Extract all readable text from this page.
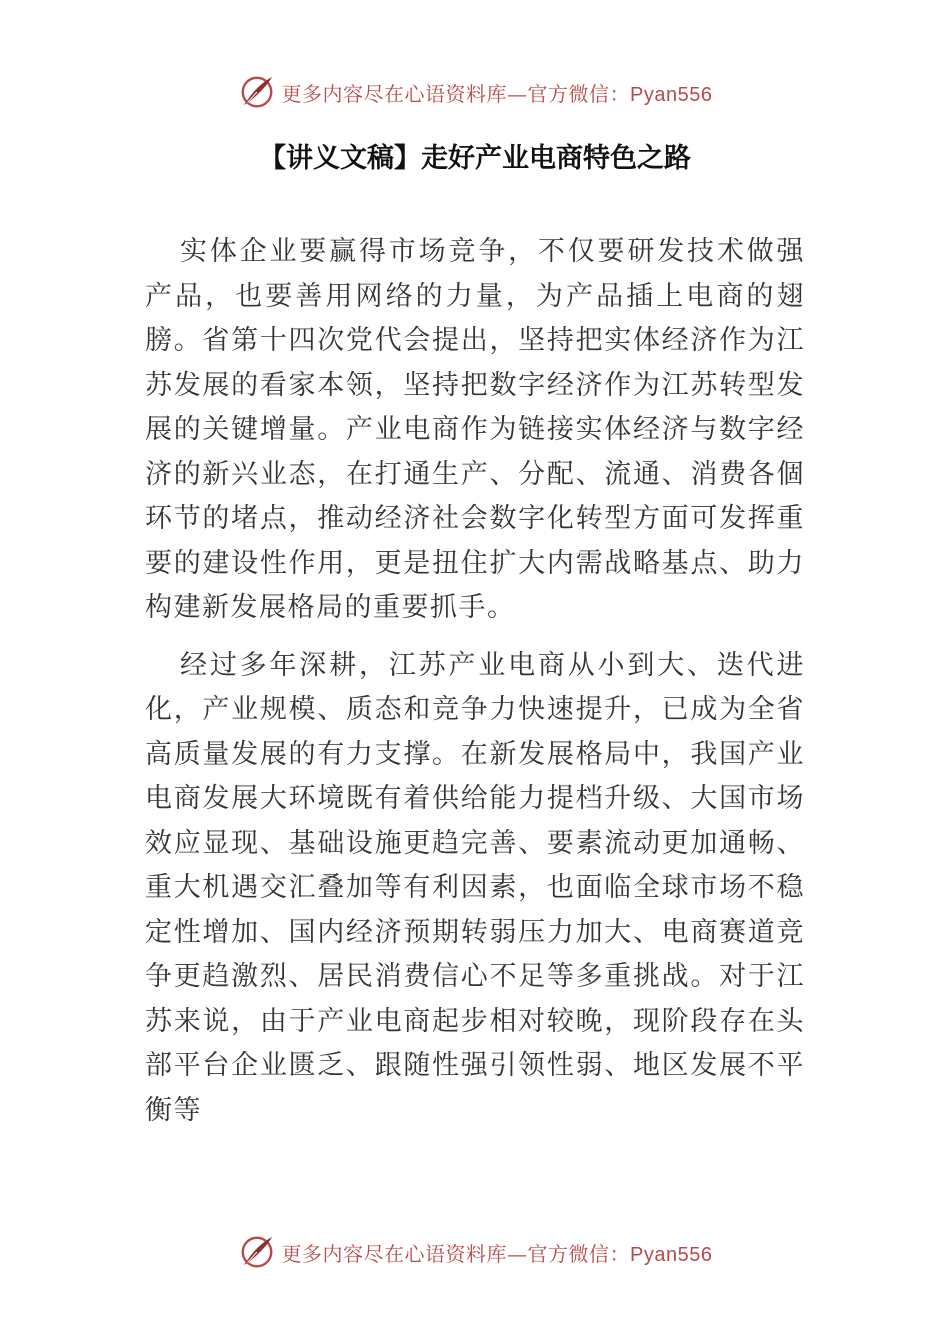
更多内容尽在心语资料库—官方微信：Pyan556
【讲义文稿】走好产业电商特色之路

实体企业要赢得市场竞争，不仅要研发技术做强产品，也要善用网络的力量，为产品插上电商的翅膀。省第十四次党代会提出，坚持把实体经济作为江苏发展的看家本领，坚持把数字经济作为江苏转型发展的关键增量。产业电商作为链接实体经济与数字经济的新兴业态，在打通生产、分配、流通、消费各個环节的堵点，推动经济社会数字化转型方面可发挥重要的建设性作用，更是扭住扩大内需战略基点、助力构建新发展格局的重要抓手。

经过多年深耕，江苏产业电商从小到大、迭代进化，产业规模、质态和竞争力快速提升，已成为全省高质量发展的有力支撑。在新发展格局中，我国产业电商发展大环境既有着供给能力提档升级、大国市场效应显现、基础设施更趋完善、要素流动更加通畅、重大机遇交汇叠加等有利因素，也面临全球市场不稳定性增加、国内经济预期转弱压力加大、电商赛道竞争更趋激烈、居民消费信心不足等多重挑战。对于江苏来说，由于产业电商起步相对较晚，现阶段存在头部平台企业匮乏、跟随性强引领性弱、地区发展不平衡等

更多内容尽在心语资料库—官方微信：Pyan556
